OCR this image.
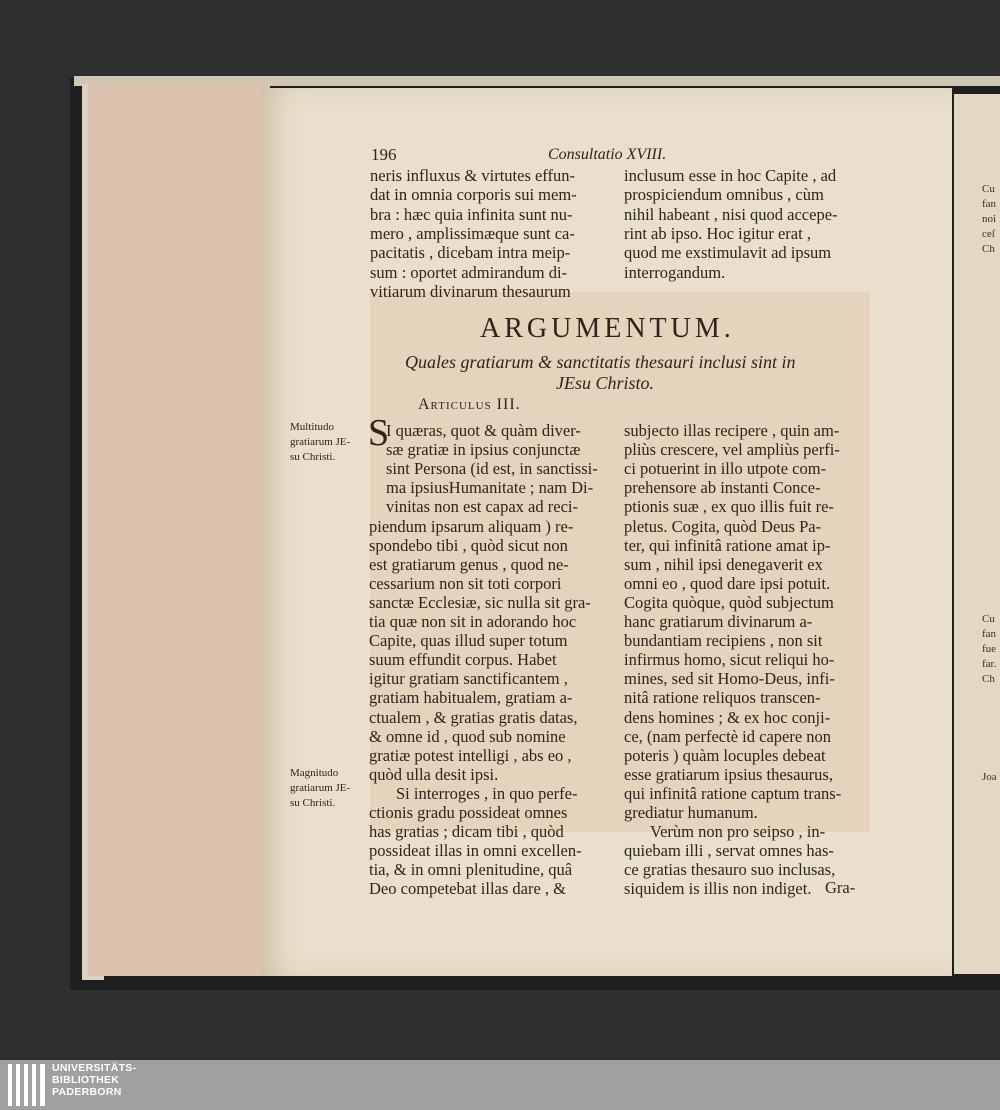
196	Consultatio XVIII.
neris influxus & virtutes effun-
dat in omnia corporis sui mem-
bra : hæc quia infinita sunt nu-
mero , amplissimæque sunt ca-
pacitatis , dicebam intra meip-
sum : oportet admirandum di-
vitiarum divinarum thesaurum
inclusum esse in hoc Capite , ad
prospiciendum omnibus , cùm
nihil habeant , nisi quod accepe-
rint ab ipso. Hoc igitur erat ,
quod me exstimulavit ad ipsum
interrogandum.
ARGUMENTUM.
Quales gratiarum & sanctitatis thesauri inclusi sint in
JEsu Christo.
Articulus III.
Multitudo
gratiarum JE-
su Christi.
Magnitudo
gratiarum JE-
su Christi.
S
I quæras, quot & quàm diver-
sæ gratiæ in ipsius conjunctæ
sint Persona (id est, in sanctissi-
ma ipsiusHumanitate ; nam Di-
vinitas non est capax ad reci-
piendum ipsarum aliquam ) re-
spondebo tibi , quòd sicut non
est gratiarum genus , quod ne-
cessarium non sit toti corpori
sanctæ Ecclesiæ, sic nulla sit gra-
tia quæ non sit in adorando hoc
Capite, quas illud super totum
suum effundit corpus. Habet
igitur gratiam sanctificantem ,
gratiam habitualem, gratiam a-
ctualem , & gratias gratis datas,
& omne id , quod sub nomine
gratiæ potest intelligi , abs eo ,
quòd ulla desit ipsi.
Si interroges , in quo perfe-
ctionis gradu possideat omnes
has gratias ; dicam tibi , quòd
possideat illas in omni excellen-
tia, & in omni plenitudine, quâ
Deo competebat illas dare , &
subjecto illas recipere , quin am-
pliùs crescere, vel ampliùs perfi-
ci potuerint in illo utpote com-
prehensore ab instanti Conce-
ptionis suæ , ex quo illis fuit re-
pletus. Cogita, quòd Deus Pa-
ter, qui infinitâ ratione amat ip-
sum , nihil ipsi denegaverit ex
omni eo , quod dare ipsi potuit.
Cogita quòque, quòd subjectum
hanc gratiarum divinarum a-
bundantiam recipiens , non sit
infirmus homo, sicut reliqui ho-
mines, sed sit Homo-Deus, infi-
nitâ ratione reliquos transcen-
dens homines ; & ex hoc conji-
ce, (nam perfectè id capere non
poteris ) quàm locuples debeat
esse gratiarum ipsius thesaurus,
qui infinitâ ratione captum trans-
grediatur humanum.
Verùm non pro seipso , in-
quiebam illi , servat omnes has-
ce gratias thesauro suo inclusas,
siquidem is illis non indiget. Gra-
Cu
fan
noi
ceſ
Ch
Cu
fan
fue
far.
Ch
Joa
UNIVERSITÄTS-
BIBLIOTHEK
PADERBORN
